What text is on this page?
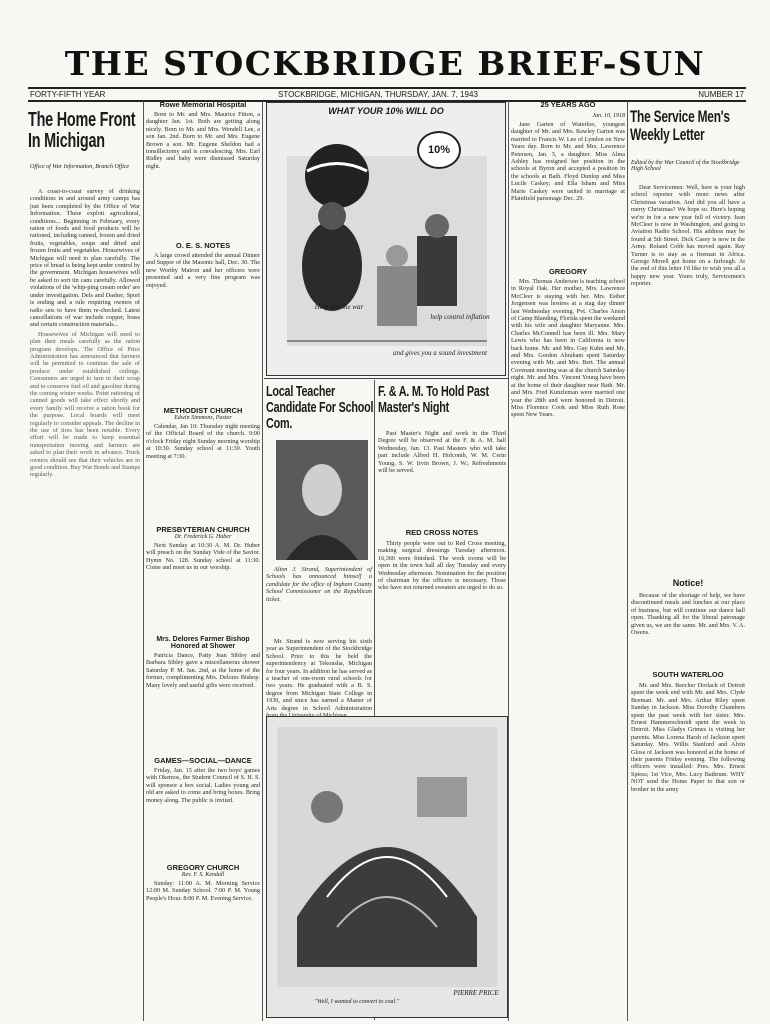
THE STOCKBRIDGE BRIEF-SUN
FORTY-FIFTH YEAR	STOCKBRIDGE, MICHIGAN, THURSDAY, JAN. 7, 1943	NUMBER 17
The Home Front In Michigan
Office of War Information, Branch Office

A coast-to-coast survey of drinking conditions in and around army camps has just been completed by the Office of War Information. These exploit agricultural, conditions... Beginning in February, every ration of foods and food products will be rationed, including canned, frozen and dried fruits, vegetables, soups and dried and frozen fruits and vegetables. Housewives of Michigan will need to plan carefully. The price of bread is being kept under control by the government. Michigan housewives will be asked to sort tin cans carefully. Allowed violations of the 'whip-ping cream order' are under investigation. Dels and Dasher, Sport is ending and a rule requiring owners of radio sets to have them re-checked. Latest cancellations of war include copper, brass and certain construction materials...

Housewives of Michigan will need to plan their meals carefully as the ration program develops. The Office of Price Administration has announced that farmers will be permitted to continue the sale of produce under established ceilings. Consumers are urged to turn in their scrap and to conserve fuel oil and gasoline during the coming winter weeks. Point rationing of canned goods will take effect shortly and every family will receive a ration book for the purpose. Local boards will meet regularly to consider appeals. The decline in the use of tires has been notable. Every effort will be made to keep essential transportation moving and farmers are asked to plan their work in advance. Truck owners should see that their vehicles are in good condition. Buy War Bonds and Stamps regularly.

Rowe Memorial Hospital

Born to Mr. and Mrs. Maurice Fitton, a daughter Jan. 1st. Both are getting along nicely. Born to Mr. and Mrs. Wendell Lee, a son Jan. 2nd. Born to Mr. and Mrs. Eugene Brown a son. Mr. Eugene Sheldon had a tonsillectomy and is convalescing. Mrs. Earl Ridley and baby were dismissed Saturday night.

O. E. S. NOTES

A large crowd attended the annual Dinner and Supper of the Masonic hall, Dec. 30. The new Worthy Matron and her officers were presented and a very fine program was enjoyed.

METHODIST CHURCH
Edwin Simmons, Pastor

Calendar, Jan 10: Thursday night meeting of the Official Board of the church. 9:00 o'clock Friday night Sunday morning worship at 10:30. Sunday school at 11:30. Youth meeting at 7:30.

PRESBYTERIAN CHURCH
Dr. Frederick G. Huber

Next Sunday at 10:30 A. M. Dr. Huber will preach on the Sunday Vide of the Savior. Hymn No. 128. Sunday school at 11:30. Come and meet us in our worship.

Mrs. Delores Farmer Bishop Honored at Shower

Patricia Dance, Patty Jean Sibley and Barbara Sibley gave a miscellaneous shower Saturday P. M. Jan. 2nd, at the home of the former, complimenting Mrs. Delores Bishop. Many lovely and useful gifts were received.

GAMES—SOCIAL—DANCE

Friday, Jan. 15 after the two boys' games with Okemos, the Student Council of S. H. S. will sponsor a box social. Ladies young and old are asked to come and bring boxes. Bring money along. The public is invited.

GREGORY CHURCH
Rev. F. S. Kendall

Sunday: 11:00 A. M. Morning Service 12:00 M. Sunday School. 7:00 P. M. Young People's Hour. 8:00 P. M. Evening Service.

WHAT YOUR 10% WILL DO
10%
Help win the war
help control inflation
and gives you a sound investment
Local Teacher Candidate For School Com.

Alton J. Strand, Superintendent of Schools has announced himself a candidate for the office of Ingham County School Commissioner on the Republican ticket.

Mr. Strand is now serving his sixth year as Superintendent of the Stockbridge School. Prior to this he held the superintendency at Tekonsha, Michigan for four years. In addition he has served as a teacher of one-room rural schools for two years. He graduated with a B. S. degree from Michigan State College in 1930, and since has earned a Master of Arts degree in School Administration

F. & A. M. To Hold Past Master's Night

Past Master's Night and work in the Third Degree will be observed at the F. & A. M. hall Wednesday, Jan. 13. Past Masters who will take part include Alfred H. Holcomb, W. M. Cerin Young, S. W. Irvin Brown, J. W.; Refreshments will be served.

RED CROSS NOTES

Thirty people were out to Red Cross meeting, making surgical dressings Tuesday afternoon. 16,360 were finished. The work rooms will be open in the town hall all day Tuesday and every Wednesday afternoon. Nomination for the position of chairman by the officers is necessary. Those who have not returned sweaters are urged to do so.

"Well, I wanted to convert to coal."
PIERRE PRICE
25 YEARS AGO
Jan. 10, 1918

Jane Garten of Waterloo, youngest daughter of Mr. and Mrs. Rawley Garten was married to Francis W. Lee of Lyndon on New Years day. Born to Mr. and Mrs. Lawrence Petersen, Jan. 5, a daughter. Miss Alma Ashley has resigned her position in the schools at Byron and accepted a position in the schools at Bath. Floyd Dunlop and Miss Lucile Caskey; and Ella Isham and Miss Marie Caskey were united in marriage at Plainfield parsonage Dec. 29.

GREGORY

Mrs. Thomas Anderson is teaching school in Royal Oak. Her mother, Mrs. Lawrence McCleer is staying with her. Mrs. Esther Jorgensen was hostess at a stag day dinner last Wednesday evening. Pvt. Charles Ansin of Camp Blanding, Florida spent the weekend with his wife and daughter Maryanne. Mrs. Charles McConnell has been ill. Mrs. Mary Lewis who has been in California is now back home. Mr. and Mrs. Guy Kuhn and Mr. and Mrs. Gordon Abraham spent Saturday evening with Mr. and Mrs. Bert. The annual Covenant meeting was at the church Saturday night. Mr. and Mrs. Vincent Young have been at the home of their daughter near Bath. Mr. and Mrs. Fred Kunzleman were married one year the 28th and were honored in Detroit. Miss Florence Cook and Miss Ruth Rose spent New Years.

The Service Men's Weekly Letter
Edited by the War Council of the Stockbridge High School

Dear Servicemen: Well, here is your high school reporter with more news after Christmas vacation. And did you all have a merry Christmas? We hope so. Here's hoping we're in for a new year full of victory. Jean McCleer is now in Washington, and going to Aviation Radio School. His address may be found at 5th Street. Dick Casey is now in the Army. Roland Cobb has moved again. Ray Turner is to stay as a fireman in Africa. George Morell got home on a furlough. At the end of this letter I'd like to wish you all a happy new year. Yours truly, Servicemen's reporter.

Notice!

Because of the shortage of help, we have discontinued meals and lunches at our place of business, but will continue our dance hall open. Thanking all for the liberal patronage given us, we are the same. Mr. and Mrs. V. A. Owens.

SOUTH WATERLOO

Mr. and Mrs. Beecher Dorlack of Detroit spent the week end with Mr. and Mrs. Clyde Beeman. Mr. and Mrs. Arthur Riley spent Sunday in Jackson. Miss Dorothy Chambers spent the past week with her sister. Mrs. Ernest Hammerschmidt spent the week in Detroit. Miss Gladys Grimes is visiting her parents. Miss Lorena Harsh of Jackson spent Saturday. Mrs. Willis Stanford and Alvin Gloss of Jackson was honored at the home of their parents Friday evening. The following officers were installed: Pres. Mrs. Ernest Spiess; 1st Vice, Mrs. Lucy Bathrum. WHY NOT send the Home Paper to that son or brother in the army
